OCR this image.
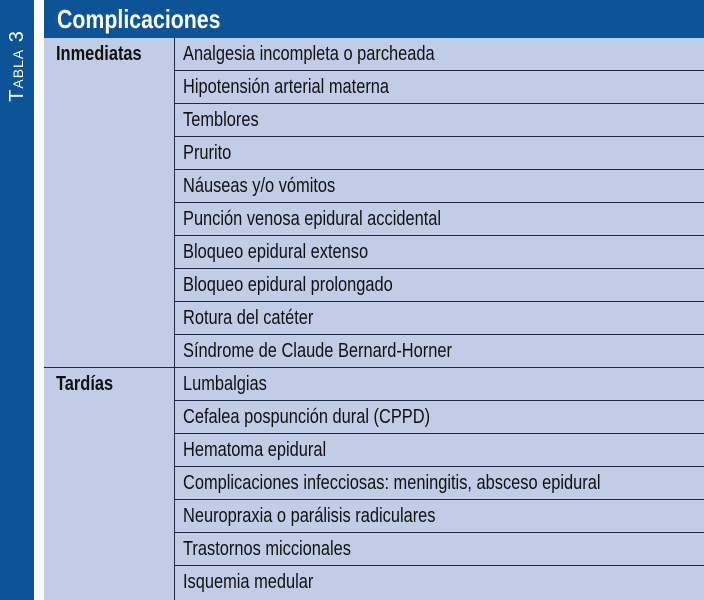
Tabla 3
Complicaciones
Inmediatas Analgesia incompleta o parcheada
Hipotensión arterial materna
Temblores
Prurito
Náuseas y/o vómitos
Punción venosa epidural accidental
Bloqueo epidural extenso
Bloqueo epidural prolongado
Rotura del catéter
Síndrome de Claude Bernard-Horner
Tardías	Lumbalgias
Cefalea pospunción dural (CPPD)
Hematoma epidural
Complicaciones infecciosas: meningitis, absceso epidural
Neuropraxia o parálisis radiculares
Trastornos miccionales
Isquemia medular
